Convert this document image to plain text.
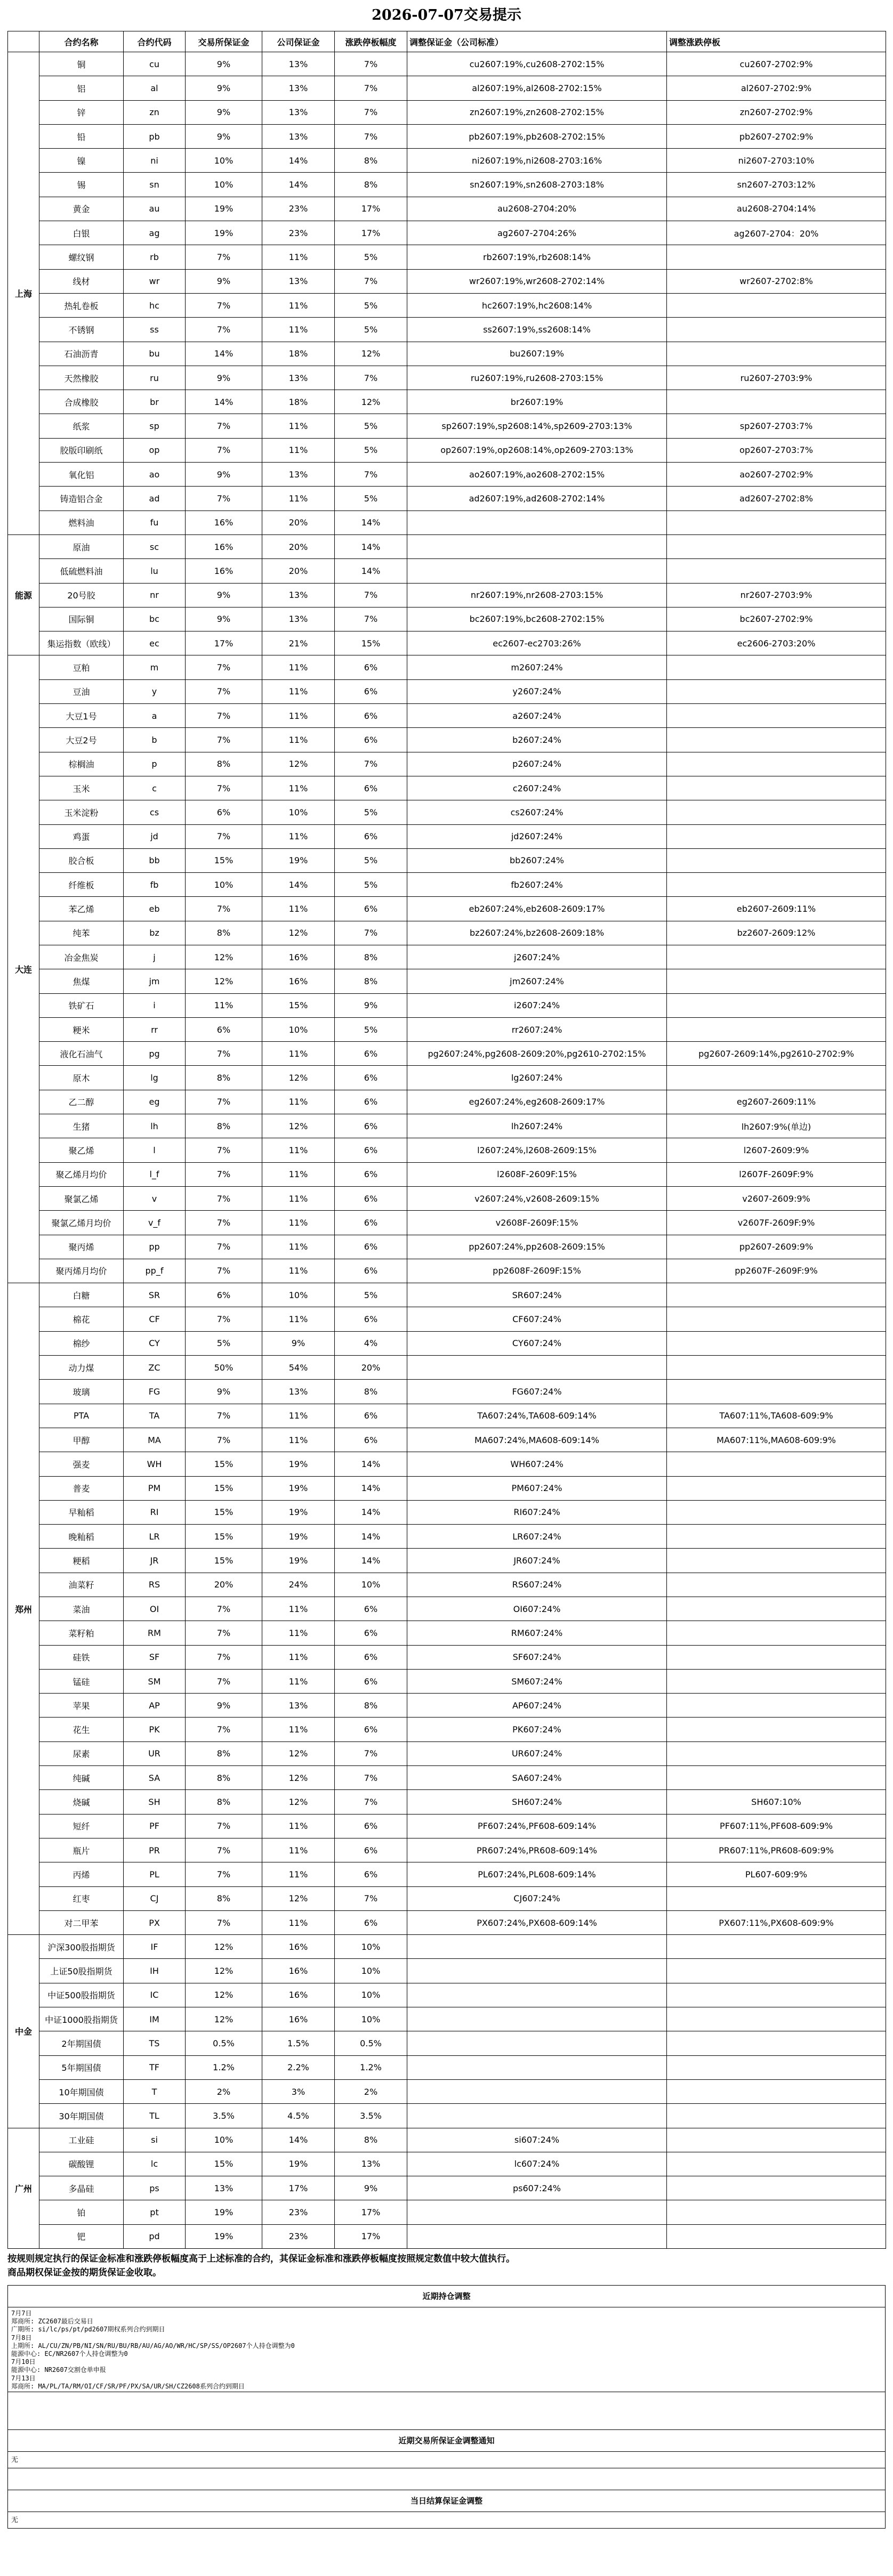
2026-07-07交易提示
	合约名称	合约代码	交易所保证金	公司保证金	涨跌停板幅度	调整保证金（公司标准）	调整涨跌停板
上海	铜	cu	9%	13%	7%	cu2607:19%,cu2608-2702:15%	cu2607-2702:9%
	铝	al	9%	13%	7%	al2607:19%,al2608-2702:15%	al2607-2702:9%
	锌	zn	9%	13%	7%	zn2607:19%,zn2608-2702:15%	zn2607-2702:9%
	铅	pb	9%	13%	7%	pb2607:19%,pb2608-2702:15%	pb2607-2702:9%
	镍	ni	10%	14%	8%	ni2607:19%,ni2608-2703:16%	ni2607-2703:10%
	锡	sn	10%	14%	8%	sn2607:19%,sn2608-2703:18%	sn2607-2703:12%
	黄金	au	19%	23%	17%	au2608-2704:20%	au2608-2704:14%
	白银	ag	19%	23%	17%	ag2607-2704:26%	ag2607-2704：20%
	螺纹钢	rb	7%	11%	5%	rb2607:19%,rb2608:14%	
	线材	wr	9%	13%	7%	wr2607:19%,wr2608-2702:14%	wr2607-2702:8%
	热轧卷板	hc	7%	11%	5%	hc2607:19%,hc2608:14%	
	不锈钢	ss	7%	11%	5%	ss2607:19%,ss2608:14%	
	石油沥青	bu	14%	18%	12%	bu2607:19%	
	天然橡胶	ru	9%	13%	7%	ru2607:19%,ru2608-2703:15%	ru2607-2703:9%
	合成橡胶	br	14%	18%	12%	br2607:19%	
	纸浆	sp	7%	11%	5%	sp2607:19%,sp2608:14%,sp2609-2703:13%	sp2607-2703:7%
	胶版印刷纸	op	7%	11%	5%	op2607:19%,op2608:14%,op2609-2703:13%	op2607-2703:7%
	氧化铝	ao	9%	13%	7%	ao2607:19%,ao2608-2702:15%	ao2607-2702:9%
	铸造铝合金	ad	7%	11%	5%	ad2607:19%,ad2608-2702:14%	ad2607-2702:8%
	燃料油	fu	16%	20%	14%		
能源	原油	sc	16%	20%	14%		
	低硫燃料油	lu	16%	20%	14%		
	20号胶	nr	9%	13%	7%	nr2607:19%,nr2608-2703:15%	nr2607-2703:9%
	国际铜	bc	9%	13%	7%	bc2607:19%,bc2608-2702:15%	bc2607-2702:9%
	集运指数（欧线）	ec	17%	21%	15%	ec2607-ec2703:26%	ec2606-2703:20%
大连	豆粕	m	7%	11%	6%	m2607:24%	
	豆油	y	7%	11%	6%	y2607:24%	
	大豆1号	a	7%	11%	6%	a2607:24%	
	大豆2号	b	7%	11%	6%	b2607:24%	
	棕榈油	p	8%	12%	7%	p2607:24%	
	玉米	c	7%	11%	6%	c2607:24%	
	玉米淀粉	cs	6%	10%	5%	cs2607:24%	
	鸡蛋	jd	7%	11%	6%	jd2607:24%	
	胶合板	bb	15%	19%	5%	bb2607:24%	
	纤维板	fb	10%	14%	5%	fb2607:24%	
	苯乙烯	eb	7%	11%	6%	eb2607:24%,eb2608-2609:17%	eb2607-2609:11%
	纯苯	bz	8%	12%	7%	bz2607:24%,bz2608-2609:18%	bz2607-2609:12%
	冶金焦炭	j	12%	16%	8%	j2607:24%	
	焦煤	jm	12%	16%	8%	jm2607:24%	
	铁矿石	i	11%	15%	9%	i2607:24%	
	粳米	rr	6%	10%	5%	rr2607:24%	
	液化石油气	pg	7%	11%	6%	pg2607:24%,pg2608-2609:20%,pg2610-2702:15%	pg2607-2609:14%,pg2610-2702:9%
	原木	lg	8%	12%	6%	lg2607:24%	
	乙二醇	eg	7%	11%	6%	eg2607:24%,eg2608-2609:17%	eg2607-2609:11%
	生猪	lh	8%	12%	6%	lh2607:24%	lh2607:9%(单边)
	聚乙烯	l	7%	11%	6%	l2607:24%,l2608-2609:15%	l2607-2609:9%
	聚乙烯月均价	l_f	7%	11%	6%	l2608F-2609F:15%	l2607F-2609F:9%
	聚氯乙烯	v	7%	11%	6%	v2607:24%,v2608-2609:15%	v2607-2609:9%
	聚氯乙烯月均价	v_f	7%	11%	6%	v2608F-2609F:15%	v2607F-2609F:9%
	聚丙烯	pp	7%	11%	6%	pp2607:24%,pp2608-2609:15%	pp2607-2609:9%
	聚丙烯月均价	pp_f	7%	11%	6%	pp2608F-2609F:15%	pp2607F-2609F:9%
郑州	白糖	SR	6%	10%	5%	SR607:24%	
	棉花	CF	7%	11%	6%	CF607:24%	
	棉纱	CY	5%	9%	4%	CY607:24%	
	动力煤	ZC	50%	54%	20%		
	玻璃	FG	9%	13%	8%	FG607:24%	
	PTA	TA	7%	11%	6%	TA607:24%,TA608-609:14%	TA607:11%,TA608-609:9%
	甲醇	MA	7%	11%	6%	MA607:24%,MA608-609:14%	MA607:11%,MA608-609:9%
	强麦	WH	15%	19%	14%	WH607:24%	
	普麦	PM	15%	19%	14%	PM607:24%	
	早籼稻	RI	15%	19%	14%	RI607:24%	
	晚籼稻	LR	15%	19%	14%	LR607:24%	
	粳稻	JR	15%	19%	14%	JR607:24%	
	油菜籽	RS	20%	24%	10%	RS607:24%	
	菜油	OI	7%	11%	6%	OI607:24%	
	菜籽粕	RM	7%	11%	6%	RM607:24%	
	硅铁	SF	7%	11%	6%	SF607:24%	
	锰硅	SM	7%	11%	6%	SM607:24%	
	苹果	AP	9%	13%	8%	AP607:24%	
	花生	PK	7%	11%	6%	PK607:24%	
	尿素	UR	8%	12%	7%	UR607:24%	
	纯碱	SA	8%	12%	7%	SA607:24%	
	烧碱	SH	8%	12%	7%	SH607:24%	SH607:10%
	短纤	PF	7%	11%	6%	PF607:24%,PF608-609:14%	PF607:11%,PF608-609:9%
	瓶片	PR	7%	11%	6%	PR607:24%,PR608-609:14%	PR607:11%,PR608-609:9%
	丙烯	PL	7%	11%	6%	PL607:24%,PL608-609:14%	PL607-609:9%
	红枣	CJ	8%	12%	7%	CJ607:24%	
	对二甲苯	PX	7%	11%	6%	PX607:24%,PX608-609:14%	PX607:11%,PX608-609:9%
中金	沪深300股指期货	IF	12%	16%	10%		
	上证50股指期货	IH	12%	16%	10%		
	中证500股指期货	IC	12%	16%	10%		
	中证1000股指期货	IM	12%	16%	10%		
	2年期国债	TS	0.5%	1.5%	0.5%		
	5年期国债	TF	1.2%	2.2%	1.2%		
	10年期国债	T	2%	3%	2%		
	30年期国债	TL	3.5%	4.5%	3.5%		
广州	工业硅	si	10%	14%	8%	si607:24%	
	碳酸锂	lc	15%	19%	13%	lc607:24%	
	多晶硅	ps	13%	17%	9%	ps607:24%	
	铂	pt	19%	23%	17%		
	钯	pd	19%	23%	17%		
按规则规定执行的保证金标准和涨跌停板幅度高于上述标准的合约，其保证金标准和涨跌停板幅度按照规定数值中较大值执行。
商品期权保证金按的期货保证金收取。
近期持仓调整
7月7日
郑商所: ZC2607最后交易日
广期所: si/lc/ps/pt/pd2607期权系列合约到期日
7月8日
上期所: AL/CU/ZN/PB/NI/SN/RU/BU/RB/AU/AG/AO/WR/HC/SP/SS/OP2607个人持仓调整为0
能源中心: EC/NR2607个人持仓调整为0
7月10日
能源中心: NR2607交割仓单申报
7月13日
郑商所: MA/PL/TA/RM/OI/CF/SR/PF/PX/SA/UR/SH/CZ2608系列合约到期日
近期交易所保证金调整通知
无
当日结算保证金调整
无
